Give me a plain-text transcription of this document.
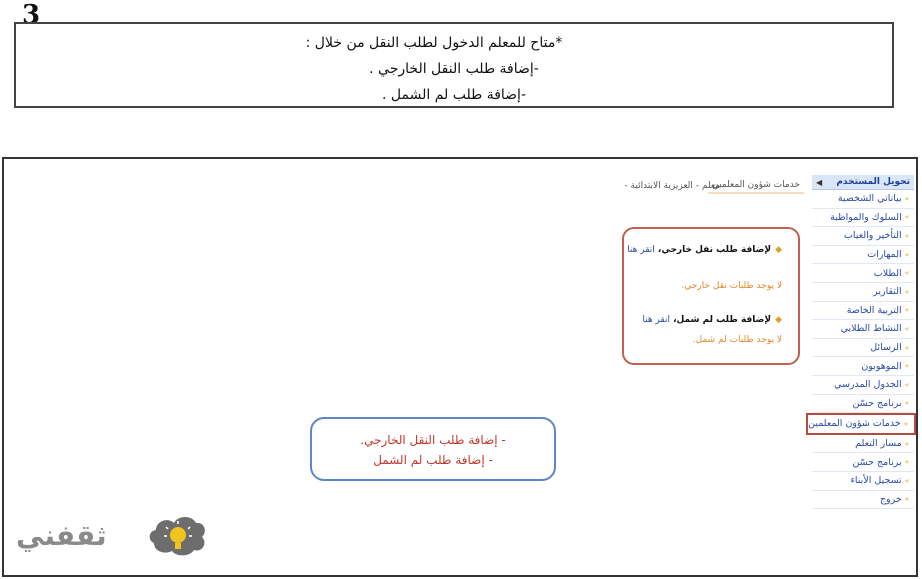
3
*متاح للمعلم الدخول لطلب النقل من خلال :
-إضافة طلب النقل الخارجي .
-إضافة طلب لم الشمل .
خدمات شؤون المعلمين
معلم - العزيزية الابتدائية -	تحويل المستخدم
◀
»
بياناتي الشخصية
»
السلوك والمواظبة
»
التأخير والغياب
»
المهارات
»
الطلاب
»
التقارير
»
التربية الخاصة
»
النشاط الطلابي
»
الرسائل
»
الموهوبون
»
الجدول المدرسي
»
برنامج حسّن
»
خدمات شؤون المعلمين
»
مسار التعلم
»
برنامج حسّن
»
تسجيل الأبناء
»
خروج
◆لإضافة طلب نقل خارجي، انقر هنا
لا يوجد طلبات نقل خارجي.
◆لإضافة طلب لم شمل، انقر هنا
لا يوجد طلبات لم شمل.
- إضافة طلب النقل الخارجي.
- إضافة طلب لم الشمل
ثقفني
